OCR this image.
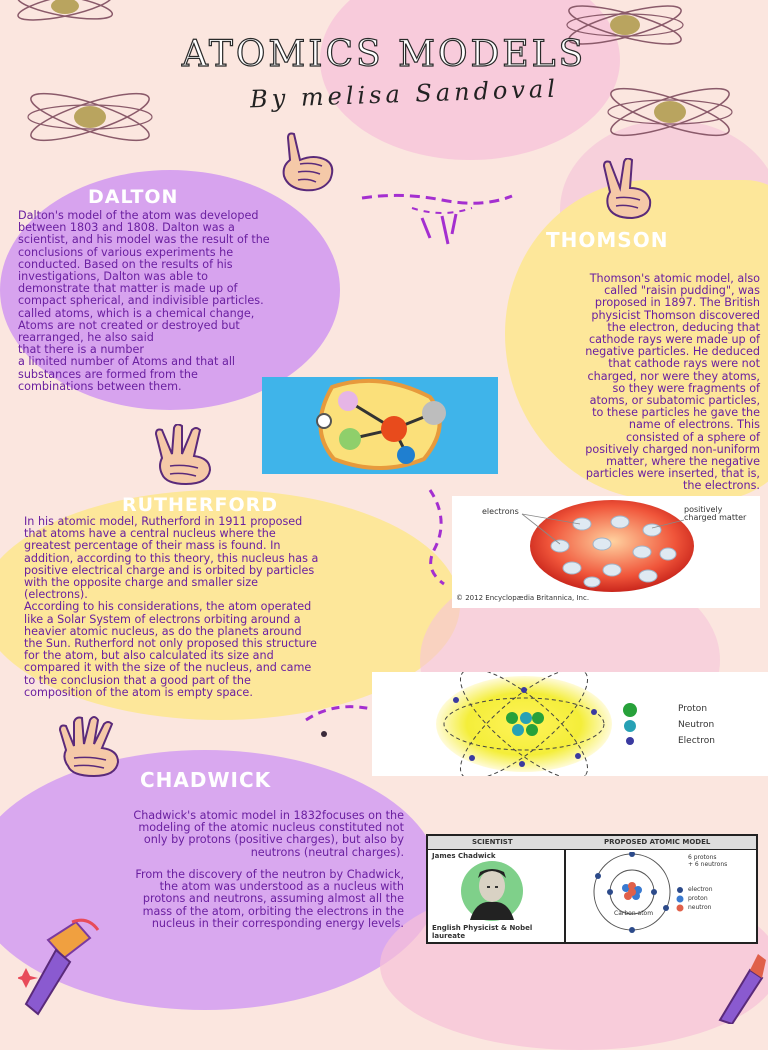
ATOMICS MODELS
By melisa Sandoval
DALTON

Dalton's model of the atom was developed
between 1803 and 1808. Dalton was a
scientist, and his model was the result of the
conclusions of various experiments he
conducted. Based on the results of his
investigations, Dalton was able to
demonstrate that matter is made up of
compact spherical, and indivisible particles.
called atoms, which is a chemical change,
Atoms are not created or destroyed but
rearranged, he also said
that there is a number
a limited number of Atoms and that all
substances are formed from the
combinations between them.

THOMSON

Thomson's atomic model, also
called "raisin pudding", was
proposed in 1897. The British
physicist Thomson discovered
the electron, deducing that
cathode rays were made up of
negative particles. He deduced
that cathode rays were not
charged, nor were they atoms,
so they were fragments of
atoms, or subatomic particles,
to these particles he gave the
name of electrons. This
consisted of a sphere of
positively charged non-uniform
matter, where the negative
particles were inserted, that is,
the electrons.

electrons	positively
charged matter
© 2012 Encyclopædia Britannica, Inc.
RUTHERFORD

In his atomic model, Rutherford in 1911 proposed
that atoms have a central nucleus where the
greatest percentage of their mass is found. In
addition, according to this theory, this nucleus has a
positive electrical charge and is orbited by particles
with the opposite charge and smaller size
(electrons).
According to his considerations, the atom operated
like a Solar System of electrons orbiting around a
heavier atomic nucleus, as do the planets around
the Sun. Rutherford not only proposed this structure
for the atom, but also calculated its size and
compared it with the size of the nucleus, and came
to the conclusion that a good part of the
composition of the atom is empty space.

Proton
Neutron
Electron
CHADWICK

Chadwick's atomic model in 1832focuses on the
modeling of the atomic nucleus constituted not
only by protons (positive charges), but also by
neutrons (neutral charges).

From the discovery of the neutron by Chadwick,
the atom was understood as a nucleus with
protons and neutrons, assuming almost all the
mass of the atom, orbiting the electrons in the
nucleus in their corresponding energy levels.

SCIENTIST	PROPOSED ATOMIC MODEL
James Chadwick
English Physicist & Nobel
laureate
6 protons
+ 6 neutrons
electron
proton
neutron
Carbon atom
